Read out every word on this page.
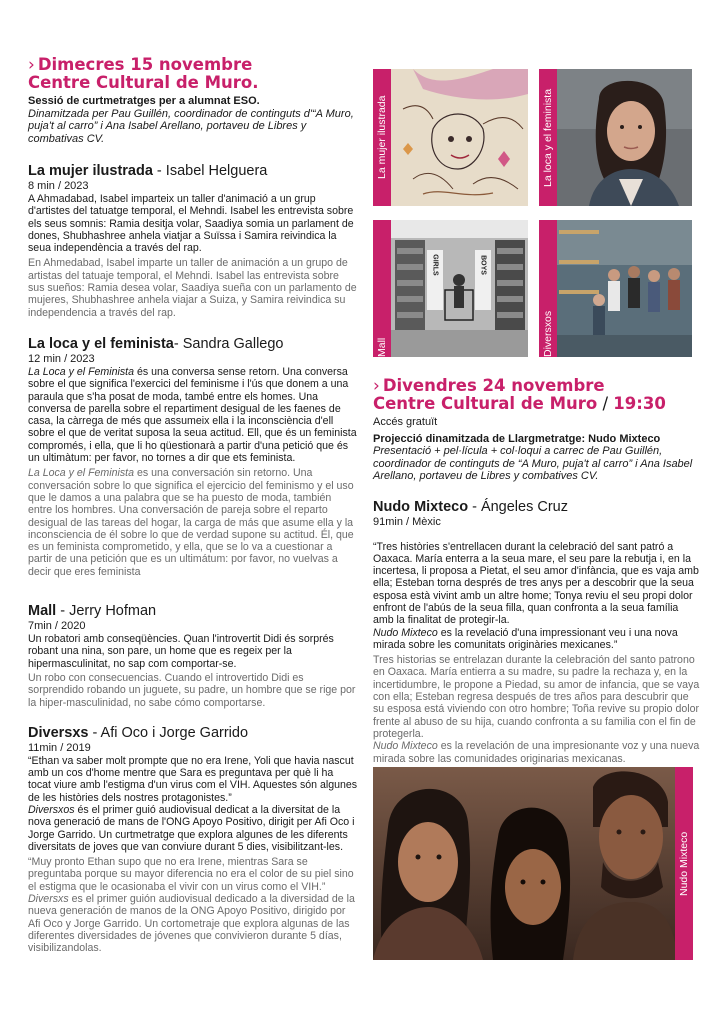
› Dimecres 15 novembre

Centre Cultural de Muro.

Sessió de curtmetratges per a alumnat ESO.

Dinamitzada per Pau Guillén, coordinador de continguts d'“A Muro, puja't al carro” i Ana Isabel Arellano, portaveu de Libres y combativas CV.

La mujer ilustrada - Isabel Helguera

8 min / 2023

A Ahmadabad, Isabel imparteix un taller d'animació a un grup d'artistes del tatuatge temporal, el Mehndi. Isabel les entrevista sobre els seus somnis: Ramia desitja volar, Saadiya somia un parlament de dones, Shubhashree anhela viatjar a Suïssa i Samira reivindica la seua independència a través del rap.

En Ahmedabad, Isabel imparte un taller de animación a un grupo de artistas del tatuaje temporal, el Mehndi. Isabel las entrevista sobre sus sueños: Ramia desea volar, Saadiya sueña con un parlamento de mujeres, Shubhashree anhela viajar a Suiza, y Samira reivindica su independencia a través del rap.

La loca y el feminista- Sandra Gallego

12 min / 2023

La Loca y el Feminista és una conversa sense retorn. Una conversa sobre el que significa l'exercici del feminisme i l'ús que donem a una paraula que s'ha posat de moda, també entre els homes. Una conversa de parella sobre el repartiment desigual de les faenes de casa, la càrrega de més que assumeix ella i la inconsciència d'ell sobre el que de veritat suposa la seua actitud. Ell, que és un feminista compromés, i ella, que li ho qüestionarà a partir d'una petició que és un ultimàtum: per favor, no tornes a dir que ets feminista.

La Loca y el Feminista es una conversación sin retorno. Una conversación sobre lo que significa el ejercicio del feminismo y el uso que le damos a una palabra que se ha puesto de moda, también entre los hombres. Una conversación de pareja sobre el reparto desigual de las tareas del hogar, la carga de más que asume ella y la inconsciencia de él sobre lo que de verdad supone su actitud. Él, que es un feminista comprometido, y ella, que se lo va a cuestionar a partir de una petición que es un ultimátum: por favor, no vuelvas a decir que eres feminista

Mall - Jerry Hofman

7min / 2020

Un robatori amb conseqüències. Quan l'introvertit Didi és sorprés robant una nina, son pare, un home que es regeix per la hipermasculinitat, no sap com comportar-se.

Un robo con consecuencias. Cuando el introvertido Didi es sorprendido robando un juguete, su padre, un hombre que se rige por la hiper-masculinidad, no sabe cómo comportarse.

Diversxs - Afi Oco i Jorge Garrido

11min / 2019

“Ethan va saber molt prompte que no era Irene, Yoli que havia nascut amb un cos d'home mentre que Sara es preguntava per què li ha tocat viure amb l'estigma d'un virus com el VIH. Aquestes són algunes de les històries dels nostres protagonistes.”

Diversxos és el primer guió audiovisual dedicat a la diversitat de la nova generació de mans de l'ONG Apoyo Positivo, dirigit per Afi Oco i Jorge Garrido. Un curtmetratge que explora algunes de les diferents diversitats de joves que van conviure durant 5 dies, visibilitzant-les.

“Muy pronto Ethan supo que no era Irene, mientras Sara se preguntaba porque su mayor diferencia no era el color de su piel sino el estigma que le ocasionaba el vivir con un virus como el VIH.”

Diversxs es el primer guión audiovisual dedicado a la diversidad de la nueva generación de manos de la ONG Apoyo Positivo, dirigido por Afi Oco y Jorge Garrido. Un cortometraje que explora algunas de las diferentes diversidades de jóvenes que convivieron durante 5 días, visibilizandolas.

La mujer ilustrada	La loca y el feminista
GIRLS	BOYS
Mall	Diversxos

› Divendres 24 novembre

Centre Cultural de Muro / 19:30

Accés gratuït

Projecció dinamitzada de Llargmetratge: Nudo Mixteco

Presentació + pel·lícula + col·loqui a carrec de Pau Guillén, coordinador de continguts de “A Muro, puja't al carro” i Ana Isabel Arellano, portaveu de Libres y combatives CV.

Nudo Mixteco - Ángeles Cruz

91min / Mèxic

“Tres històries s'entrellacen durant la celebració del sant patró a Oaxaca. María enterra a la seua mare, el seu pare la rebutja i, en la incertesa, li proposa a Pietat, el seu amor d'infància, que es vaja amb ella; Esteban torna després de tres anys per a descobrir que la seua esposa està vivint amb un altre home; Tonya reviu el seu propi dolor enfront de l'abús de la seua filla, quan confronta a la seua família amb la finalitat de protegir-la.

Nudo Mixteco es la revelació d'una impressionant veu i una nova mirada sobre les comunitats originàries mexicanes.”

Tres historias se entrelazan durante la celebración del santo patrono en Oaxaca. María entierra a su madre, su padre la rechaza y, en la incertidumbre, le propone a Piedad, su amor de infancia, que se vaya con ella; Esteban regresa después de tres años para descubrir que su esposa está viviendo con otro hombre; Toña revive su propio dolor frente al abuso de su hija, cuando confronta a su familia con el fin de protegerla.

Nudo Mixteco es la revelación de una impresionante voz y una nueva mirada sobre las comunidades originarias mexicanas.

Nudo Mixteco
